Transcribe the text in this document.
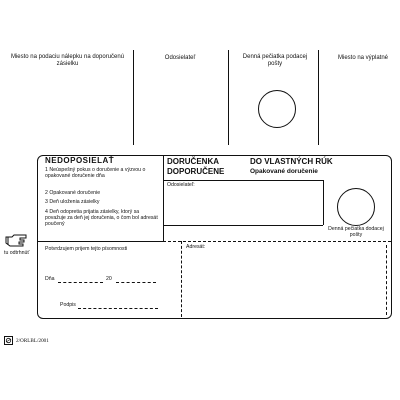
Miesto na podaciu nálepku na doporučenú zásielku
Odosielateľ	Denná pečiatka podacej pošty
Miesto na výplatné
NEDOPOSIELAŤ
1 Neúspešný pokus o doručenie a výzvou o opakované doručenie dňa
2 Opakované doručenie
3 Deň uloženia zásielky
4 Deň odopretia prijatia zásielky, ktorý sa považuje za deň jej doručenia, o čom bol adresát poučený
DORUČENKA
DOPORUČENE
DO VLASTNÝCH RÚK
Opakované doručenie
Odosielateľ:
Denná pečiatka dodacej pošty
Potvrdzujem prijem tejto písomnosti
Dňa	20
Podpis
Adresát:
tu odtrhnúť
2/ORLBL/2001
